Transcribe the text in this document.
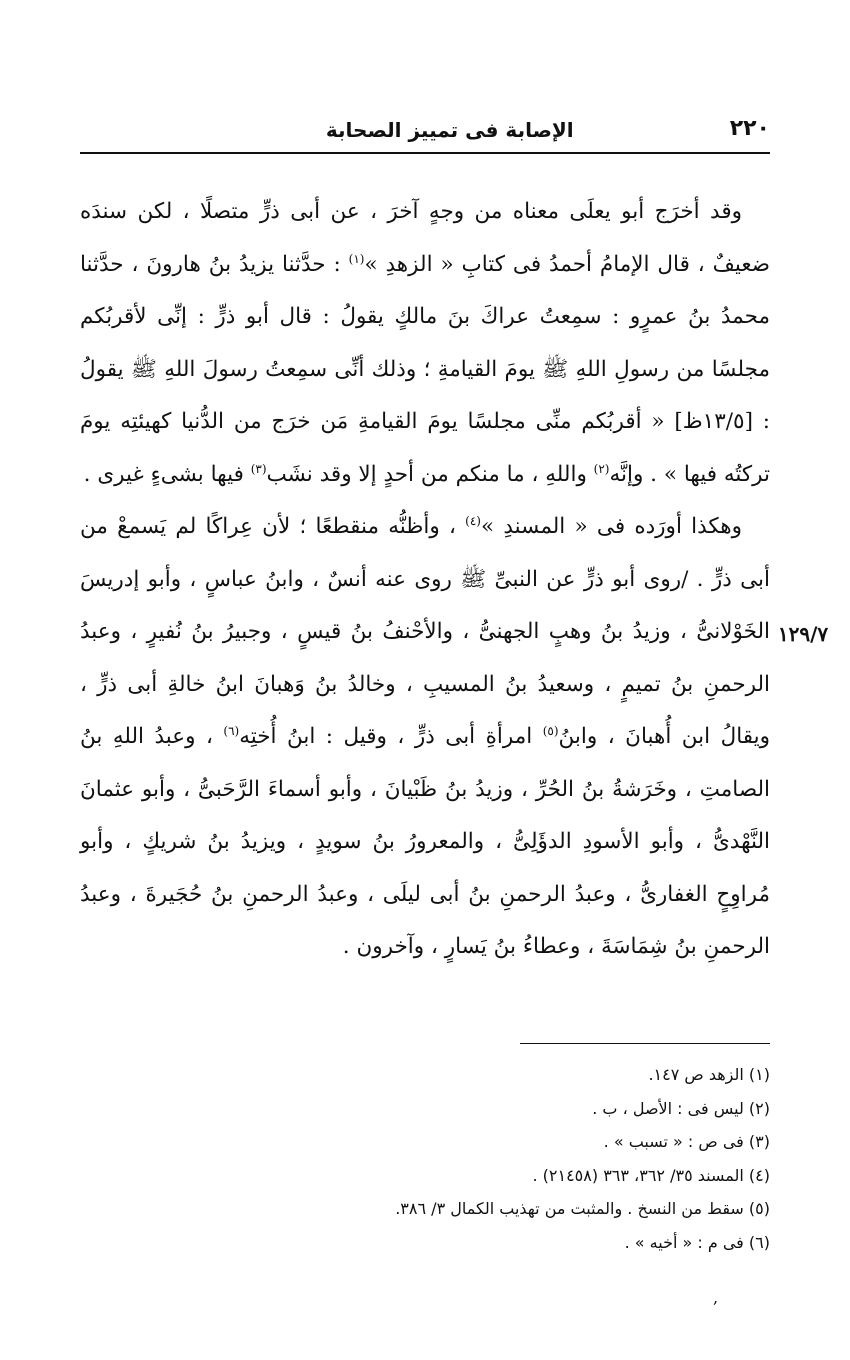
٢٢٠
الإصابة فى تمييز الصحابة
١٢٩/٧

وقد أخرَج أبو يعلَى معناه من وجهٍ آخرَ ، عن أبى ذرٍّ متصلًا ، لكن سندَه ضعيفٌ ، قال الإمامُ أحمدُ فى كتابِ « الزهدِ »$^{(١)}$ : حدَّثنا يزيدُ بنُ هارونَ ، حدَّثنا محمدُ بنُ عمرٍو : سمِعتُ عراكَ بنَ مالكٍ يقولُ : قال أبو ذرٍّ : إنِّى لأقربُكم مجلسًا من رسولِ اللهِ ﷺ يومَ القيامةِ ؛ وذلك أنِّى سمِعتُ رسولَ اللهِ ﷺ يقولُ : [١٣/٥ظ] « أقربُكم منِّى مجلسًا يومَ القيامةِ مَن خرَج من الدُّنيا كهيئتِه يومَ تركتُه فيها » . وإنَّه$^{(٢)}$ واللهِ ، ما منكم من أحدٍ إلا وقد نشَب$^{(٣)}$ فيها بشىءٍ غيرى .

وهكذا أورَده فى « المسندِ »$^{(٤)}$ ، وأظنُّه منقطعًا ؛ لأن عِراكًا لم يَسمعْ من أبى ذرٍّ . /روى أبو ذرٍّ عن النبىِّ ﷺ روى عنه أنسٌ ، وابنُ عباسٍ ، وأبو إدريسَ الخَوْلانىُّ ، وزيدُ بنُ وهبٍ الجهنىُّ ، والأحْنفُ بنُ قيسٍ ، وجبيرُ بنُ نُفيرٍ ، وعبدُ الرحمنِ بنُ تميمٍ ، وسعيدُ بنُ المسيبِ ، وخالدُ بنُ وَهبانَ ابنُ خالةِ أبى ذرٍّ ، ويقالُ ابن أُهبانَ ، وابنُ$^{(٥)}$ امرأةِ أبى ذرٍّ ، وقيل : ابنُ أُختِه$^{(٦)}$ ، وعبدُ اللهِ بنُ الصامتِ ، وخَرَشةُ بنُ الحُرِّ ، وزيدُ بنُ ظَبْيانَ ، وأبو أسماءَ الرَّحَبىُّ ، وأبو عثمانَ النَّهْدىُّ ، وأبو الأسودِ الدؤَلِىُّ ، والمعرورُ بنُ سويدٍ ، ويزيدُ بنُ شريكٍ ، وأبو مُراوِحٍ الغفارىُّ ، وعبدُ الرحمنِ بنُ أبى ليلَى ، وعبدُ الرحمنِ بنُ حُجَيرةَ ، وعبدُ الرحمنِ بنُ شِمَاسَةَ ، وعطاءُ بنُ يَسارٍ ، وآخرون .

(١) الزهد ص ١٤٧.
(٢) ليس فى : الأصل ، ب .
(٣) فى ص : « تسبب » .
(٤) المسند ٣٥/ ٣٦٢، ٣٦٣ (٢١٤٥٨) .
(٥) سقط من النسخ . والمثبت من تهذيب الكمال ٣/ ٣٨٦.
(٦) فى م : « أخيه » .
,
